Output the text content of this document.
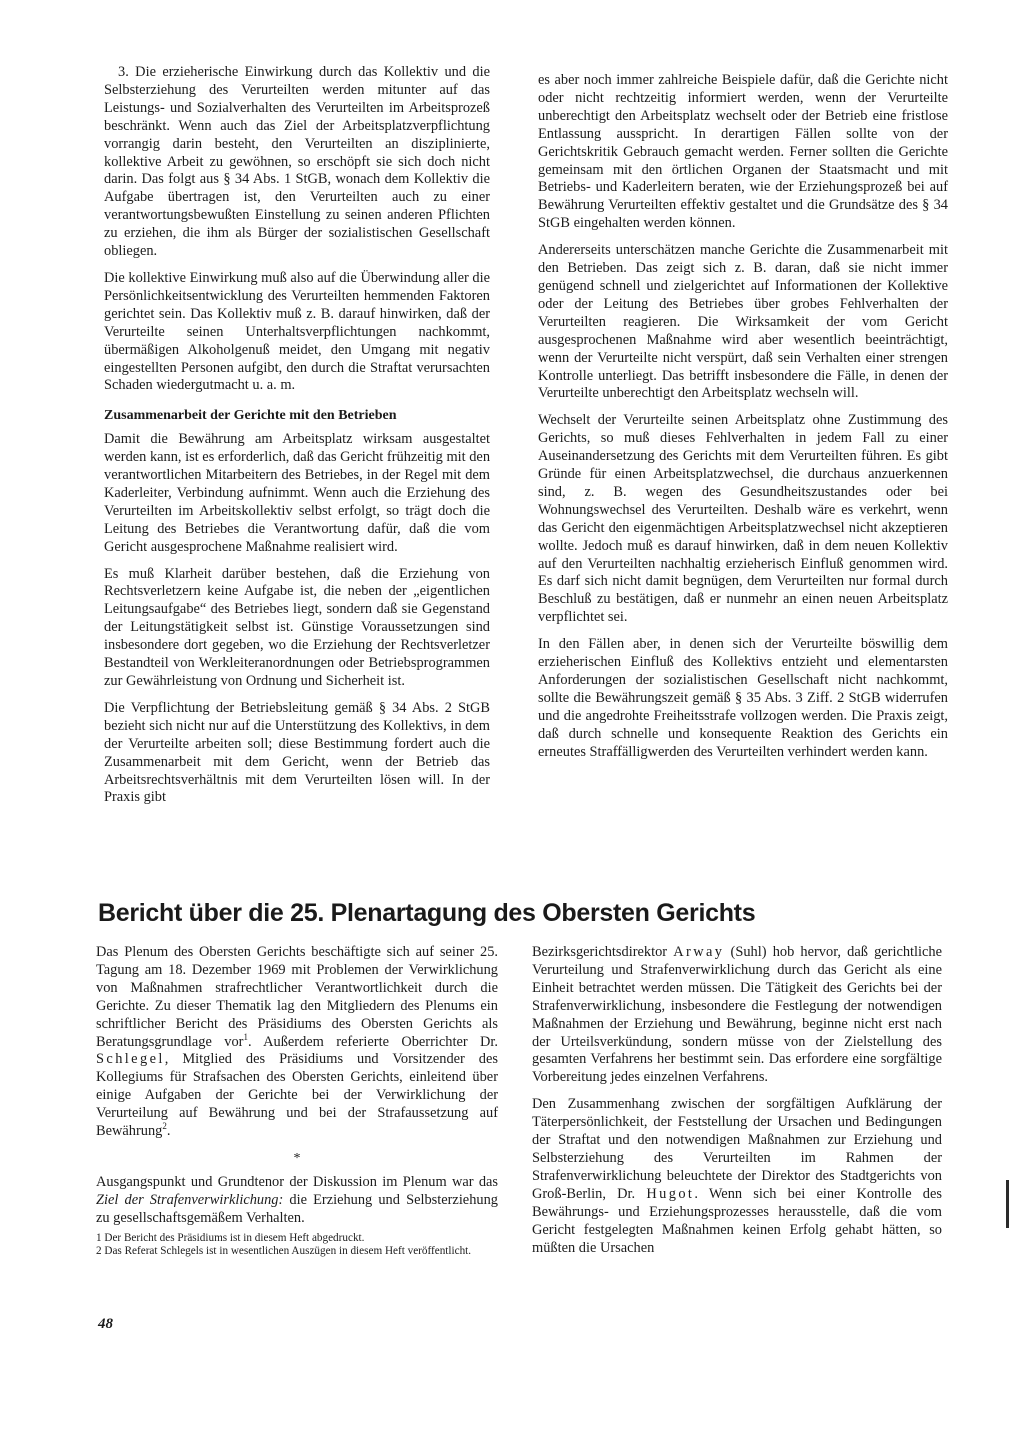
3. Die erzieherische Einwirkung durch das Kollektiv und die Selbsterziehung des Verurteilten werden mitunter auf das Leistungs- und Sozialverhalten des Verurteilten im Arbeitsprozeß beschränkt. Wenn auch das Ziel der Arbeitsplatzverpflichtung vorrangig darin besteht, den Verurteilten an disziplinierte, kollektive Arbeit zu gewöhnen, so erschöpft sie sich doch nicht darin. Das folgt aus § 34 Abs. 1 StGB, wonach dem Kollektiv die Aufgabe übertragen ist, den Verurteilten auch zu einer verantwortungsbewußten Einstellung zu seinen anderen Pflichten zu erziehen, die ihm als Bürger der sozialistischen Gesellschaft obliegen.

Die kollektive Einwirkung muß also auf die Überwindung aller die Persönlichkeitsentwicklung des Verurteilten hemmenden Faktoren gerichtet sein. Das Kollektiv muß z. B. darauf hinwirken, daß der Verurteilte seinen Unterhaltsverpflichtungen nachkommt, übermäßigen Alkoholgenuß meidet, den Umgang mit negativ eingestellten Personen aufgibt, den durch die Straftat verursachten Schaden wiedergutmacht u. a. m.

Zusammenarbeit der Gerichte mit den Betrieben

Damit die Bewährung am Arbeitsplatz wirksam ausgestaltet werden kann, ist es erforderlich, daß das Gericht frühzeitig mit den verantwortlichen Mitarbeitern des Betriebes, in der Regel mit dem Kaderleiter, Verbindung aufnimmt. Wenn auch die Erziehung des Verurteilten im Arbeitskollektiv selbst erfolgt, so trägt doch die Leitung des Betriebes die Verantwortung dafür, daß die vom Gericht ausgesprochene Maßnahme realisiert wird.

Es muß Klarheit darüber bestehen, daß die Erziehung von Rechtsverletzern keine Aufgabe ist, die neben der „eigentlichen Leitungsaufgabe“ des Betriebes liegt, sondern daß sie Gegenstand der Leitungstätigkeit selbst ist. Günstige Voraussetzungen sind insbesondere dort gegeben, wo die Erziehung der Rechtsverletzer Bestandteil von Werkleiteranordnungen oder Betriebsprogrammen zur Gewährleistung von Ordnung und Sicherheit ist.

Die Verpflichtung der Betriebsleitung gemäß § 34 Abs. 2 StGB bezieht sich nicht nur auf die Unterstützung des Kollektivs, in dem der Verurteilte arbeiten soll; diese Bestimmung fordert auch die Zusammenarbeit mit dem Gericht, wenn der Betrieb das Arbeitsrechtsverhältnis mit dem Verurteilten lösen will. In der Praxis gibt

es aber noch immer zahlreiche Beispiele dafür, daß die Gerichte nicht oder nicht rechtzeitig informiert werden, wenn der Verurteilte unberechtigt den Arbeitsplatz wechselt oder der Betrieb eine fristlose Entlassung ausspricht. In derartigen Fällen sollte von der Gerichtskritik Gebrauch gemacht werden. Ferner sollten die Gerichte gemeinsam mit den örtlichen Organen der Staatsmacht und mit Betriebs- und Kaderleitern beraten, wie der Erziehungsprozeß bei auf Bewährung Verurteilten effektiv gestaltet und die Grundsätze des § 34 StGB eingehalten werden können.

Andererseits unterschätzen manche Gerichte die Zusammenarbeit mit den Betrieben. Das zeigt sich z. B. daran, daß sie nicht immer genügend schnell und zielgerichtet auf Informationen der Kollektive oder der Leitung des Betriebes über grobes Fehlverhalten der Verurteilten reagieren. Die Wirksamkeit der vom Gericht ausgesprochenen Maßnahme wird aber wesentlich beeinträchtigt, wenn der Verurteilte nicht verspürt, daß sein Verhalten einer strengen Kontrolle unterliegt. Das betrifft insbesondere die Fälle, in denen der Verurteilte unberechtigt den Arbeitsplatz wechseln will.

Wechselt der Verurteilte seinen Arbeitsplatz ohne Zustimmung des Gerichts, so muß dieses Fehlverhalten in jedem Fall zu einer Auseinandersetzung des Gerichts mit dem Verurteilten führen. Es gibt Gründe für einen Arbeitsplatzwechsel, die durchaus anzuerkennen sind, z. B. wegen des Gesundheitszustandes oder bei Wohnungswechsel des Verurteilten. Deshalb wäre es verkehrt, wenn das Gericht den eigenmächtigen Arbeitsplatzwechsel nicht akzeptieren wollte. Jedoch muß es darauf hinwirken, daß in dem neuen Kollektiv auf den Verurteilten nachhaltig erzieherisch Einfluß genommen wird. Es darf sich nicht damit begnügen, dem Verurteilten nur formal durch Beschluß zu bestätigen, daß er nunmehr an einen neuen Arbeitsplatz verpflichtet sei.

In den Fällen aber, in denen sich der Verurteilte böswillig dem erzieherischen Einfluß des Kollektivs entzieht und elementarsten Anforderungen der sozialistischen Gesellschaft nicht nachkommt, sollte die Bewährungszeit gemäß § 35 Abs. 3 Ziff. 2 StGB widerrufen und die angedrohte Freiheitsstrafe vollzogen werden. Die Praxis zeigt, daß durch schnelle und konsequente Reaktion des Gerichts ein erneutes Straffälligwerden des Verurteilten verhindert werden kann.

Bericht über die 25. Plenartagung des Obersten Gerichts

Das Plenum des Obersten Gerichts beschäftigte sich auf seiner 25. Tagung am 18. Dezember 1969 mit Problemen der Verwirklichung von Maßnahmen strafrechtlicher Verantwortlichkeit durch die Gerichte. Zu dieser Thematik lag den Mitgliedern des Plenums ein schriftlicher Bericht des Präsidiums des Obersten Gerichts als Beratungsgrundlage vor$^1$. Außerdem referierte Oberrichter Dr. Schlegel, Mitglied des Präsidiums und Vorsitzender des Kollegiums für Strafsachen des Obersten Gerichts, einleitend über einige Aufgaben der Gerichte bei der Verwirklichung der Verurteilung auf Bewährung und bei der Strafaussetzung auf Bewährung$^2$.

*

Ausgangspunkt und Grundtenor der Diskussion im Plenum war das Ziel der Strafenverwirklichung: die Erziehung und Selbsterziehung zu gesellschaftsgemäßem Verhalten.

1 Der Bericht des Präsidiums ist in diesem Heft abgedruckt.

2 Das Referat Schlegels ist in wesentlichen Auszügen in diesem Heft veröffentlicht.

Bezirksgerichtsdirektor Arway (Suhl) hob hervor, daß gerichtliche Verurteilung und Strafenverwirklichung durch das Gericht als eine Einheit betrachtet werden müssen. Die Tätigkeit des Gerichts bei der Strafenverwirklichung, insbesondere die Festlegung der notwendigen Maßnahmen der Erziehung und Bewährung, beginne nicht erst nach der Urteilsverkündung, sondern müsse von der Zielstellung des gesamten Verfahrens her bestimmt sein. Das erfordere eine sorgfältige Vorbereitung jedes einzelnen Verfahrens.

Den Zusammenhang zwischen der sorgfältigen Aufklärung der Täterpersönlichkeit, der Feststellung der Ursachen und Bedingungen der Straftat und den notwendigen Maßnahmen zur Erziehung und Selbsterziehung des Verurteilten im Rahmen der Strafenverwirklichung beleuchtete der Direktor des Stadtgerichts von Groß-Berlin, Dr. Hugot. Wenn sich bei einer Kontrolle des Bewährungs- und Erziehungsprozesses herausstelle, daß die vom Gericht festgelegten Maßnahmen keinen Erfolg gehabt hätten, so müßten die Ursachen

48
